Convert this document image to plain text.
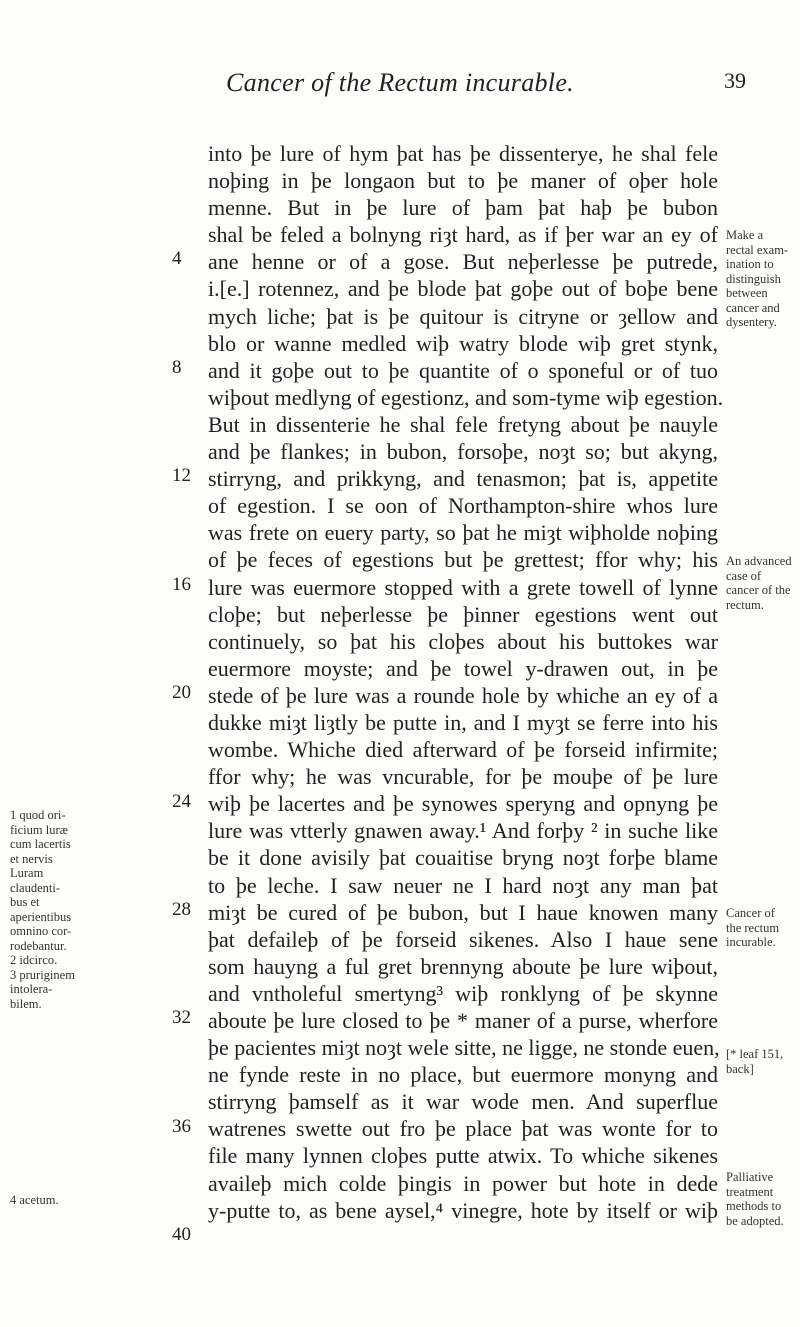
Cancer of the Rectum incurable.	39
into þe lure of hym þat has þe dissenterye, he shal fele
noþing in þe longaon but to þe maner of oþer hole
menne. But in þe lure of þam þat haþ þe bubon
shal be feled a bolnyng riȝt hard, as if þer war an ey of
ane henne or of a gose. But neþerlesse þe putrede,
i.[e.] rotennez, and þe blode þat goþe out of boþe bene
mych liche; þat is þe quitour is citryne or ȝellow and
blo or wanne medled wiþ watry blode wiþ gret stynk,
and it goþe out to þe quantite of o sponeful or of tuo
wiþout medlyng of egestionz, and som-tyme wiþ egestion.
But in dissenterie he shal fele fretyng about þe nauyle
and þe flankes; in bubon, forsoþe, noȝt so; but akyng,
stirryng, and prikkyng, and tenasmon; þat is, appetite
of egestion. I se oon of Northampton-shire whos lure
was frete on euery party, so þat he miȝt wiþholde noþing
of þe feces of egestions but þe grettest; ffor why; his
lure was euermore stopped with a grete towell of lynne
cloþe; but neþerlesse þe þinner egestions went out
continuely, so þat his cloþes about his buttokes war
euermore moyste; and þe towel y-drawen out, in þe
stede of þe lure was a rounde hole by whiche an ey of a
dukke miȝt liȝtly be putte in, and I myȝt se ferre into his
wombe. Whiche died afterward of þe forseid infirmite;
ffor why; he was vncurable, for þe mouþe of þe lure
wiþ þe lacertes and þe synowes speryng and opnyng þe
lure was vtterly gnawen away.¹ And forþy ² in suche like
be it done avisily þat couaitise bryng noȝt forþe blame
to þe leche. I saw neuer ne I hard noȝt any man þat
miȝt be cured of þe bubon, but I haue knowen many
þat defaileþ of þe forseid sikenes. Also I haue sene
som hauyng a ful gret brennyng aboute þe lure wiþout,
and vntholeful smertyng³ wiþ ronklyng of þe skynne
aboute þe lure closed to þe * maner of a purse, wherfore
þe pacientes miȝt noȝt wele sitte, ne ligge, ne stonde euen,
ne fynde reste in no place, but euermore monyng and
stirryng þamself as it war wode men. And superflue
watrenes swette out fro þe place þat was wonte for to
file many lynnen cloþes putte atwix. To whiche sikenes
availeþ mich colde þingis in power but hote in dede
y-putte to, as bene aysel,⁴ vinegre, hote by itself or wiþ
4
8
12
16
20
24
28
32
36
40
Make a
rectal exam-
ination to
distinguish
between
cancer and
dysentery.
An advanced
case of
cancer of the
rectum.
Cancer of
the rectum
incurable.
[* leaf 151,
back]
Palliative
treatment
methods to
be adopted.
1 quod ori-
ficium luræ
cum lacertis
et nervis
Luram
claudenti-
bus et
aperientibus
omnino cor-
rodebantur.
2 idcirco.
3 pruriginem
intolera-
bilem.
4 acetum.
